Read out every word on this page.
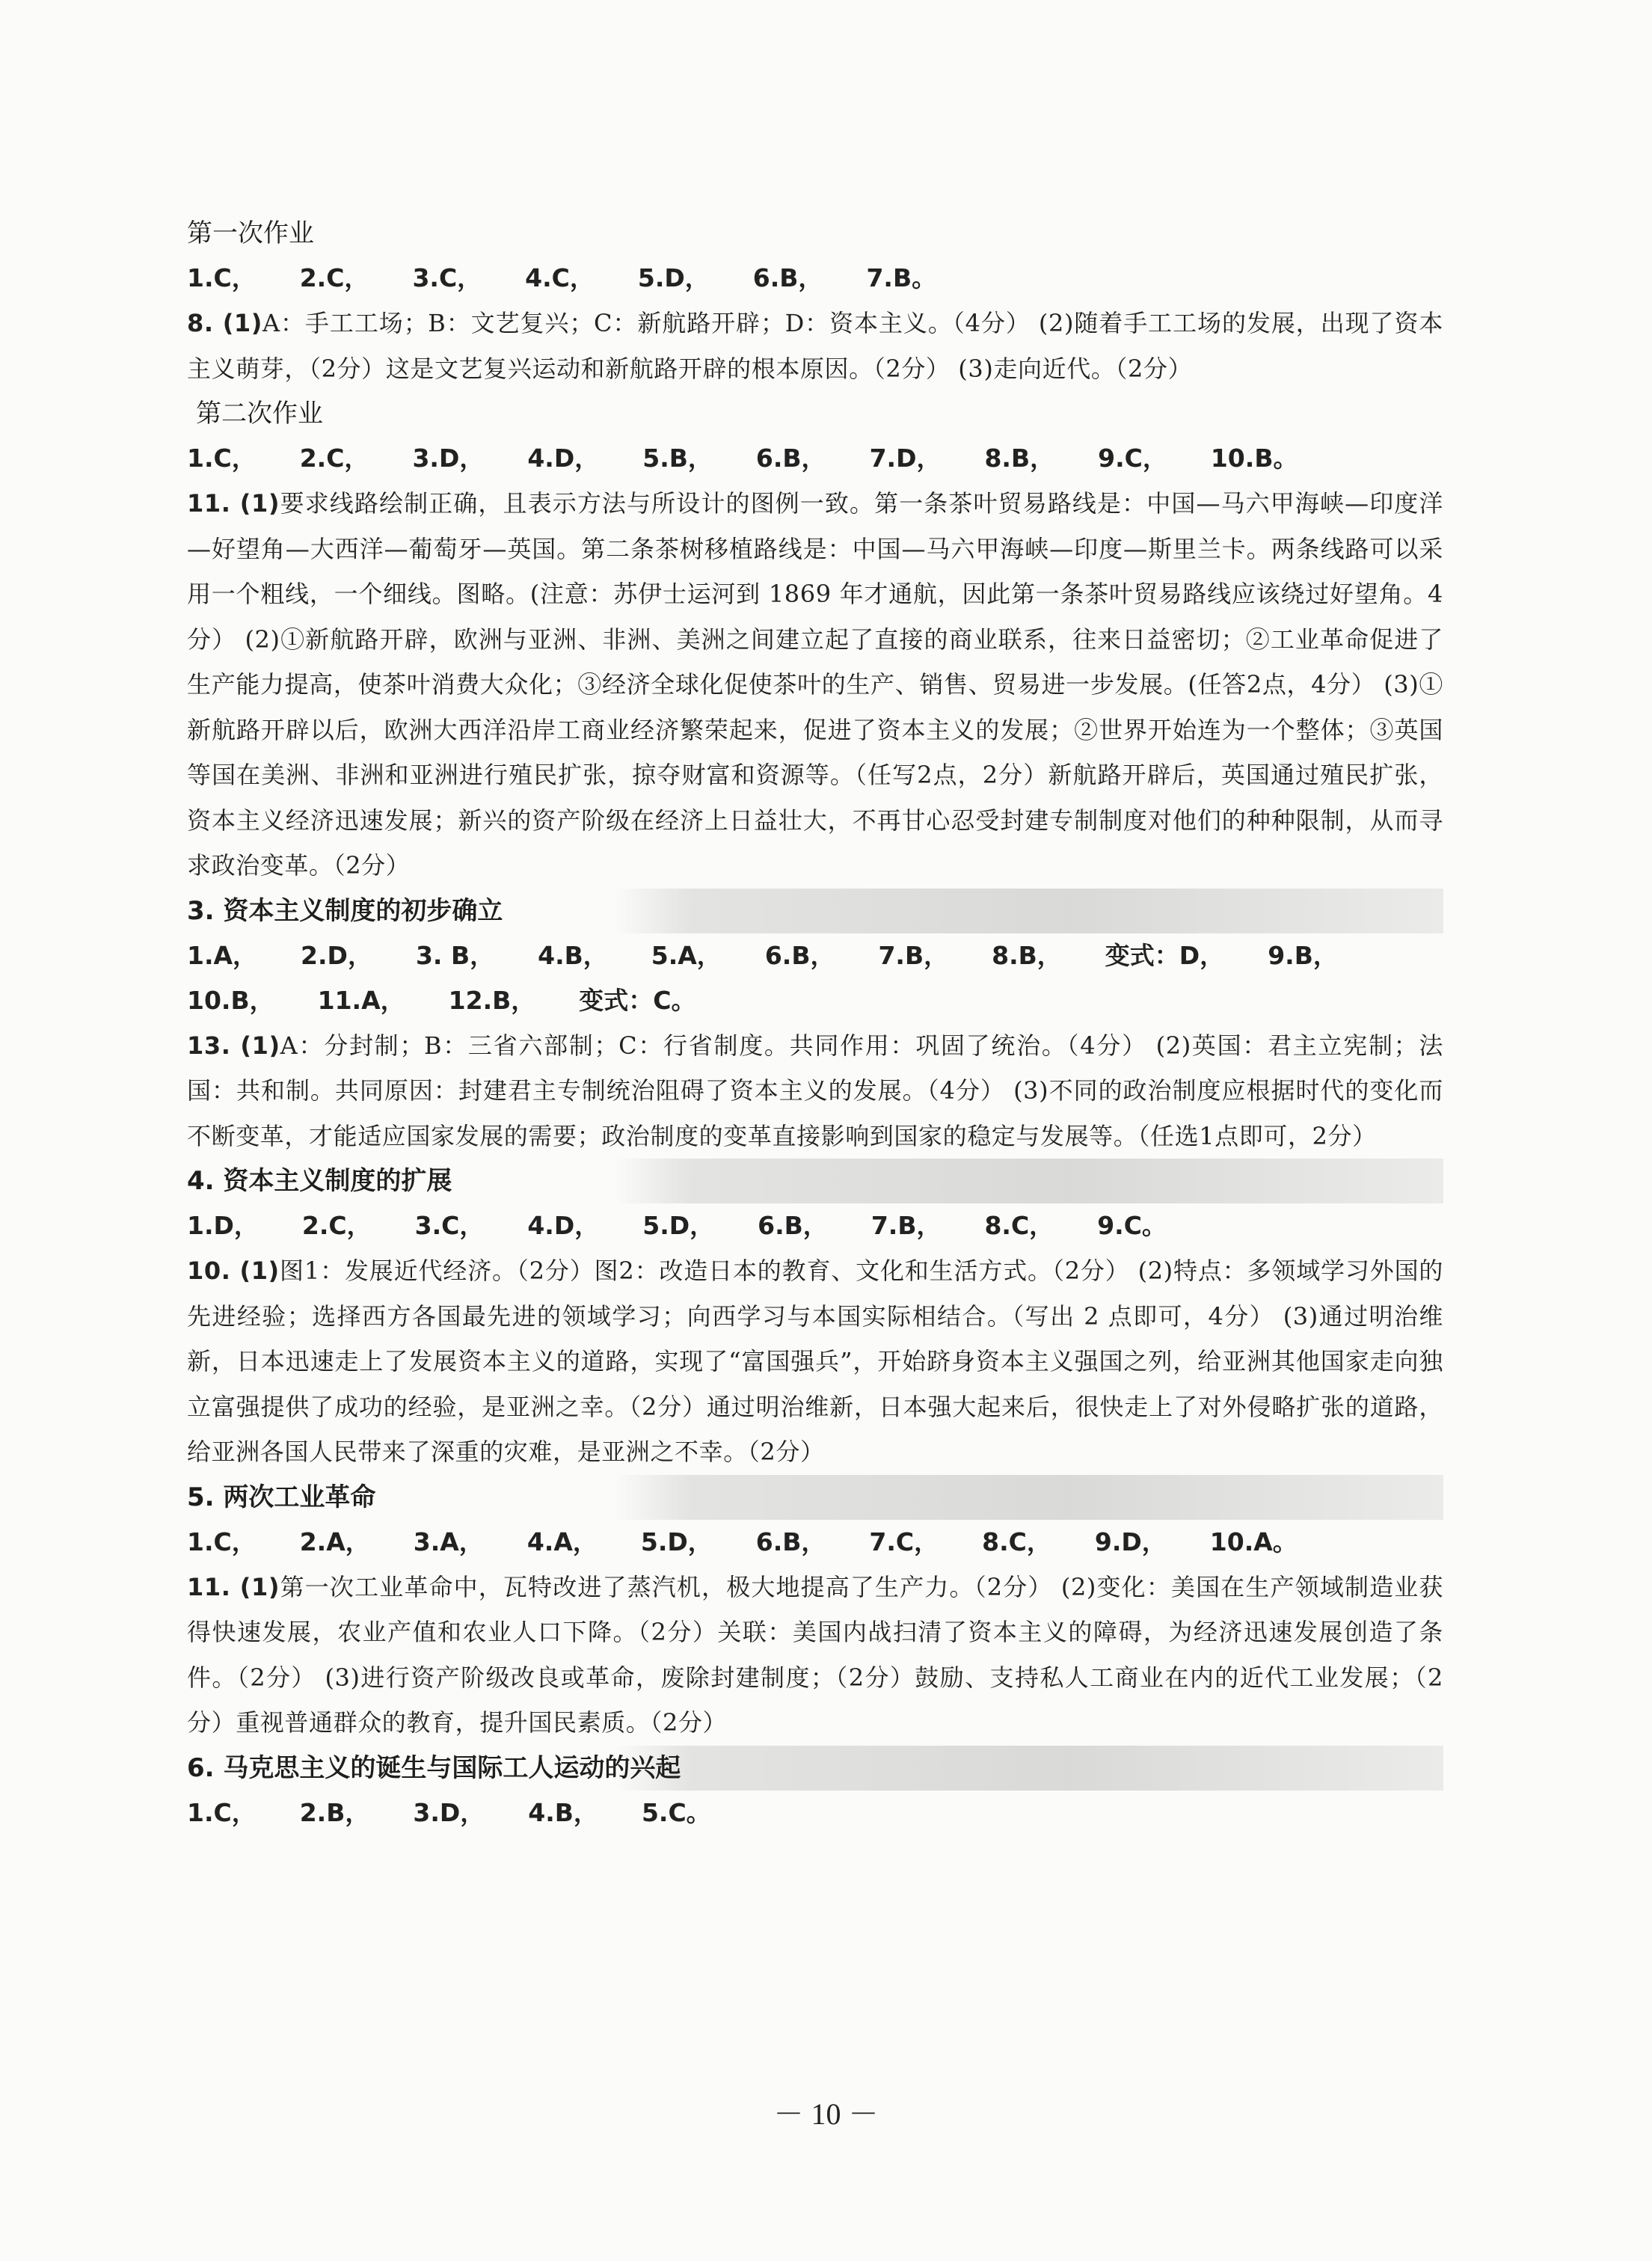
第一次作业
1.C， 2.C， 3.C， 4.C， 5.D， 6.B， 7.B。

8. (1)A：手工工场；B：文艺复兴；C：新航路开辟；D：资本主义。（4分） (2)随着手工工场的发展，出现了资本主义萌芽，（2分）这是文艺复兴运动和新航路开辟的根本原因。（2分） (3)走向近代。（2分）

第二次作业
1.C， 2.C， 3.D， 4.D， 5.B， 6.B， 7.D， 8.B， 9.C， 10.B。

11. (1)要求线路绘制正确，且表示方法与所设计的图例一致。第一条茶叶贸易路线是：中国—马六甲海峡—印度洋—好望角—大西洋—葡萄牙—英国。第二条茶树移植路线是：中国—马六甲海峡—印度—斯里兰卡。两条线路可以采用一个粗线，一个细线。图略。(注意：苏伊士运河到 1869 年才通航，因此第一条茶叶贸易路线应该绕过好望角。4分） (2)①新航路开辟，欧洲与亚洲、非洲、美洲之间建立起了直接的商业联系，往来日益密切；②工业革命促进了生产能力提高，使茶叶消费大众化；③经济全球化促使茶叶的生产、销售、贸易进一步发展。(任答2点，4分） (3)①新航路开辟以后，欧洲大西洋沿岸工商业经济繁荣起来，促进了资本主义的发展；②世界开始连为一个整体；③英国等国在美洲、非洲和亚洲进行殖民扩张，掠夺财富和资源等。（任写2点，2分）新航路开辟后，英国通过殖民扩张，资本主义经济迅速发展；新兴的资产阶级在经济上日益壮大，不再甘心忍受封建专制制度对他们的种种限制，从而寻求政治变革。（2分）

3. 资本主义制度的初步确立
1.A， 2.D， 3. B， 4.B， 5.A， 6.B， 7.B， 8.B， 变式：D， 9.B，
10.B， 11.A， 12.B， 变式：C。

13. (1)A：分封制；B：三省六部制；C：行省制度。共同作用：巩固了统治。（4分） (2)英国：君主立宪制；法国：共和制。共同原因：封建君主专制统治阻碍了资本主义的发展。（4分） (3)不同的政治制度应根据时代的变化而不断变革，才能适应国家发展的需要；政治制度的变革直接影响到国家的稳定与发展等。（任选1点即可，2分）

4. 资本主义制度的扩展
1.D， 2.C， 3.C， 4.D， 5.D， 6.B， 7.B， 8.C， 9.C。

10. (1)图1：发展近代经济。（2分）图2：改造日本的教育、文化和生活方式。（2分） (2)特点：多领域学习外国的先进经验；选择西方各国最先进的领域学习；向西学习与本国实际相结合。（写出 2 点即可，4分） (3)通过明治维新，日本迅速走上了发展资本主义的道路，实现了“富国强兵”，开始跻身资本主义强国之列，给亚洲其他国家走向独立富强提供了成功的经验，是亚洲之幸。（2分）通过明治维新，日本强大起来后，很快走上了对外侵略扩张的道路，给亚洲各国人民带来了深重的灾难，是亚洲之不幸。（2分）

5. 两次工业革命
1.C， 2.A， 3.A， 4.A， 5.D， 6.B， 7.C， 8.C， 9.D， 10.A。

11. (1)第一次工业革命中，瓦特改进了蒸汽机，极大地提高了生产力。（2分） (2)变化：美国在生产领域制造业获得快速发展，农业产值和农业人口下降。（2分）关联：美国内战扫清了资本主义的障碍，为经济迅速发展创造了条件。（2分） (3)进行资产阶级改良或革命，废除封建制度；（2分）鼓励、支持私人工商业在内的近代工业发展；（2分）重视普通群众的教育，提升国民素质。（2分）

6. 马克思主义的诞生与国际工人运动的兴起
1.C， 2.B， 3.D， 4.B， 5.C。
－ 10 －
